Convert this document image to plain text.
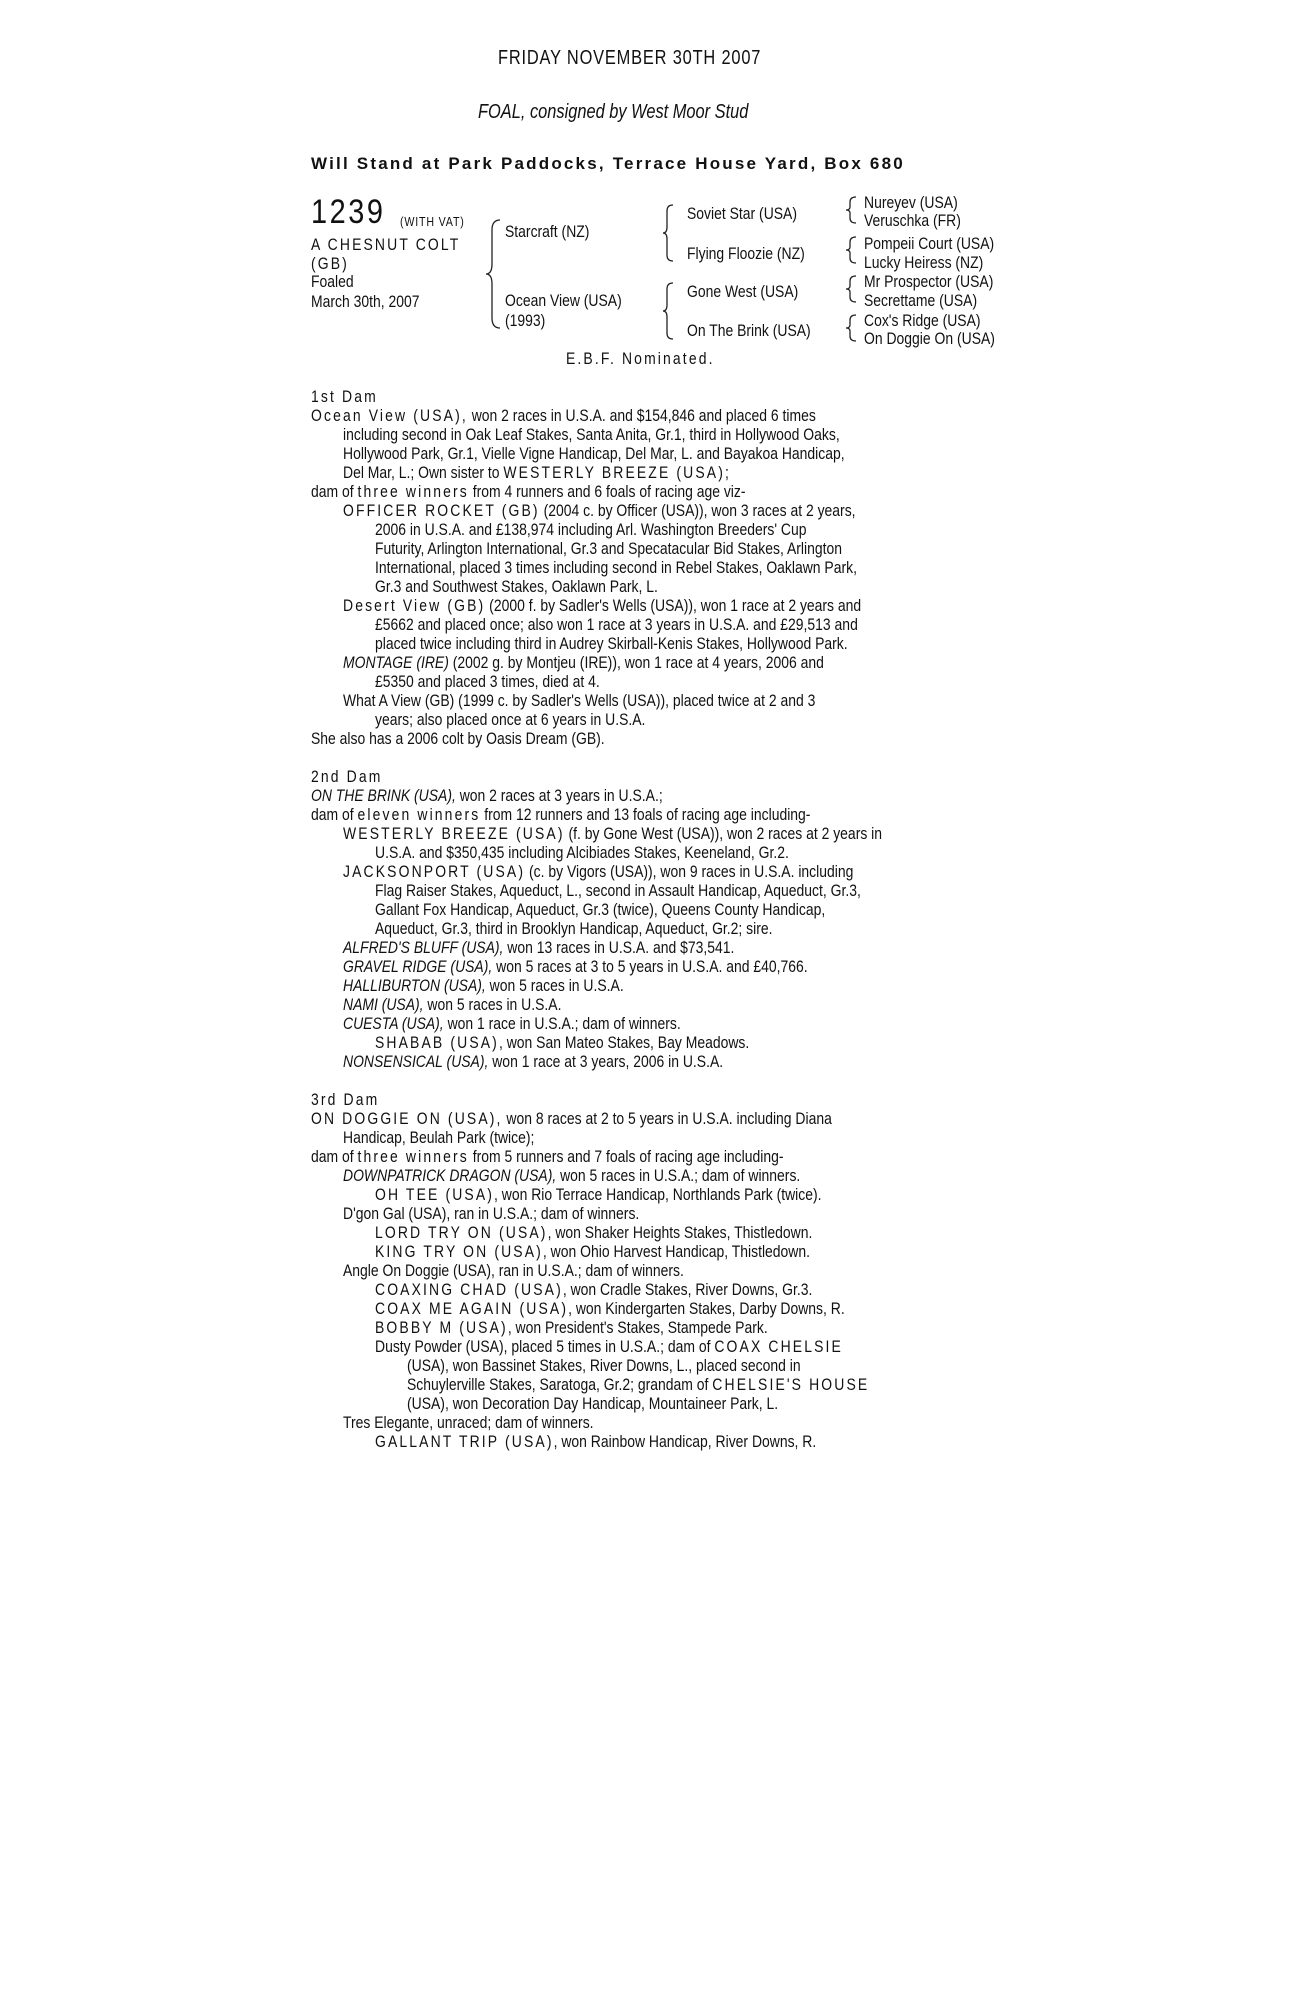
FRIDAY NOVEMBER 30TH 2007
FOAL, consigned by West Moor Stud
Will Stand at Park Paddocks, Terrace House Yard, Box 680
1239 (WITH VAT)
A CHESNUT COLT
(GB)
Foaled
March 30th, 2007
Starcraft (NZ)
Ocean View (USA)
(1993)
Soviet Star (USA)
Flying Floozie (NZ)
Gone West (USA)
On The Brink (USA)
Nureyev (USA)
Veruschka (FR)
Pompeii Court (USA)
Lucky Heiress (NZ)
Mr Prospector (USA)
Secrettame (USA)
Cox's Ridge (USA)
On Doggie On (USA)
E.B.F. Nominated.
1st Dam
Ocean View (USA), won 2 races in U.S.A. and $154,846 and placed 6 times
including second in Oak Leaf Stakes, Santa Anita, Gr.1, third in Hollywood Oaks,
Hollywood Park, Gr.1, Vielle Vigne Handicap, Del Mar, L. and Bayakoa Handicap,
Del Mar, L.; Own sister to WESTERLY BREEZE (USA);
dam of three winners from 4 runners and 6 foals of racing age viz-
OFFICER ROCKET (GB) (2004 c. by Officer (USA)), won 3 races at 2 years,
2006 in U.S.A. and £138,974 including Arl. Washington Breeders' Cup
Futurity, Arlington International, Gr.3 and Specatacular Bid Stakes, Arlington
International, placed 3 times including second in Rebel Stakes, Oaklawn Park,
Gr.3 and Southwest Stakes, Oaklawn Park, L.
Desert View (GB) (2000 f. by Sadler's Wells (USA)), won 1 race at 2 years and
£5662 and placed once; also won 1 race at 3 years in U.S.A. and £29,513 and
placed twice including third in Audrey Skirball-Kenis Stakes, Hollywood Park.
MONTAGE (IRE) (2002 g. by Montjeu (IRE)), won 1 race at 4 years, 2006 and
£5350 and placed 3 times, died at 4.
What A View (GB) (1999 c. by Sadler's Wells (USA)), placed twice at 2 and 3
years; also placed once at 6 years in U.S.A.
She also has a 2006 colt by Oasis Dream (GB).
2nd Dam
ON THE BRINK (USA), won 2 races at 3 years in U.S.A.;
dam of eleven winners from 12 runners and 13 foals of racing age including-
WESTERLY BREEZE (USA) (f. by Gone West (USA)), won 2 races at 2 years in
U.S.A. and $350,435 including Alcibiades Stakes, Keeneland, Gr.2.
JACKSONPORT (USA) (c. by Vigors (USA)), won 9 races in U.S.A. including
Flag Raiser Stakes, Aqueduct, L., second in Assault Handicap, Aqueduct, Gr.3,
Gallant Fox Handicap, Aqueduct, Gr.3 (twice), Queens County Handicap,
Aqueduct, Gr.3, third in Brooklyn Handicap, Aqueduct, Gr.2; sire.
ALFRED'S BLUFF (USA), won 13 races in U.S.A. and $73,541.
GRAVEL RIDGE (USA), won 5 races at 3 to 5 years in U.S.A. and £40,766.
HALLIBURTON (USA), won 5 races in U.S.A.
NAMI (USA), won 5 races in U.S.A.
CUESTA (USA), won 1 race in U.S.A.; dam of winners.
SHABAB (USA), won San Mateo Stakes, Bay Meadows.
NONSENSICAL (USA), won 1 race at 3 years, 2006 in U.S.A.
3rd Dam
ON DOGGIE ON (USA), won 8 races at 2 to 5 years in U.S.A. including Diana
Handicap, Beulah Park (twice);
dam of three winners from 5 runners and 7 foals of racing age including-
DOWNPATRICK DRAGON (USA), won 5 races in U.S.A.; dam of winners.
OH TEE (USA), won Rio Terrace Handicap, Northlands Park (twice).
D'gon Gal (USA), ran in U.S.A.; dam of winners.
LORD TRY ON (USA), won Shaker Heights Stakes, Thistledown.
KING TRY ON (USA), won Ohio Harvest Handicap, Thistledown.
Angle On Doggie (USA), ran in U.S.A.; dam of winners.
COAXING CHAD (USA), won Cradle Stakes, River Downs, Gr.3.
COAX ME AGAIN (USA), won Kindergarten Stakes, Darby Downs, R.
BOBBY M (USA), won President's Stakes, Stampede Park.
Dusty Powder (USA), placed 5 times in U.S.A.; dam of COAX CHELSIE
(USA), won Bassinet Stakes, River Downs, L., placed second in
Schuylerville Stakes, Saratoga, Gr.2; grandam of CHELSIE'S HOUSE
(USA), won Decoration Day Handicap, Mountaineer Park, L.
Tres Elegante, unraced; dam of winners.
GALLANT TRIP (USA), won Rainbow Handicap, River Downs, R.
